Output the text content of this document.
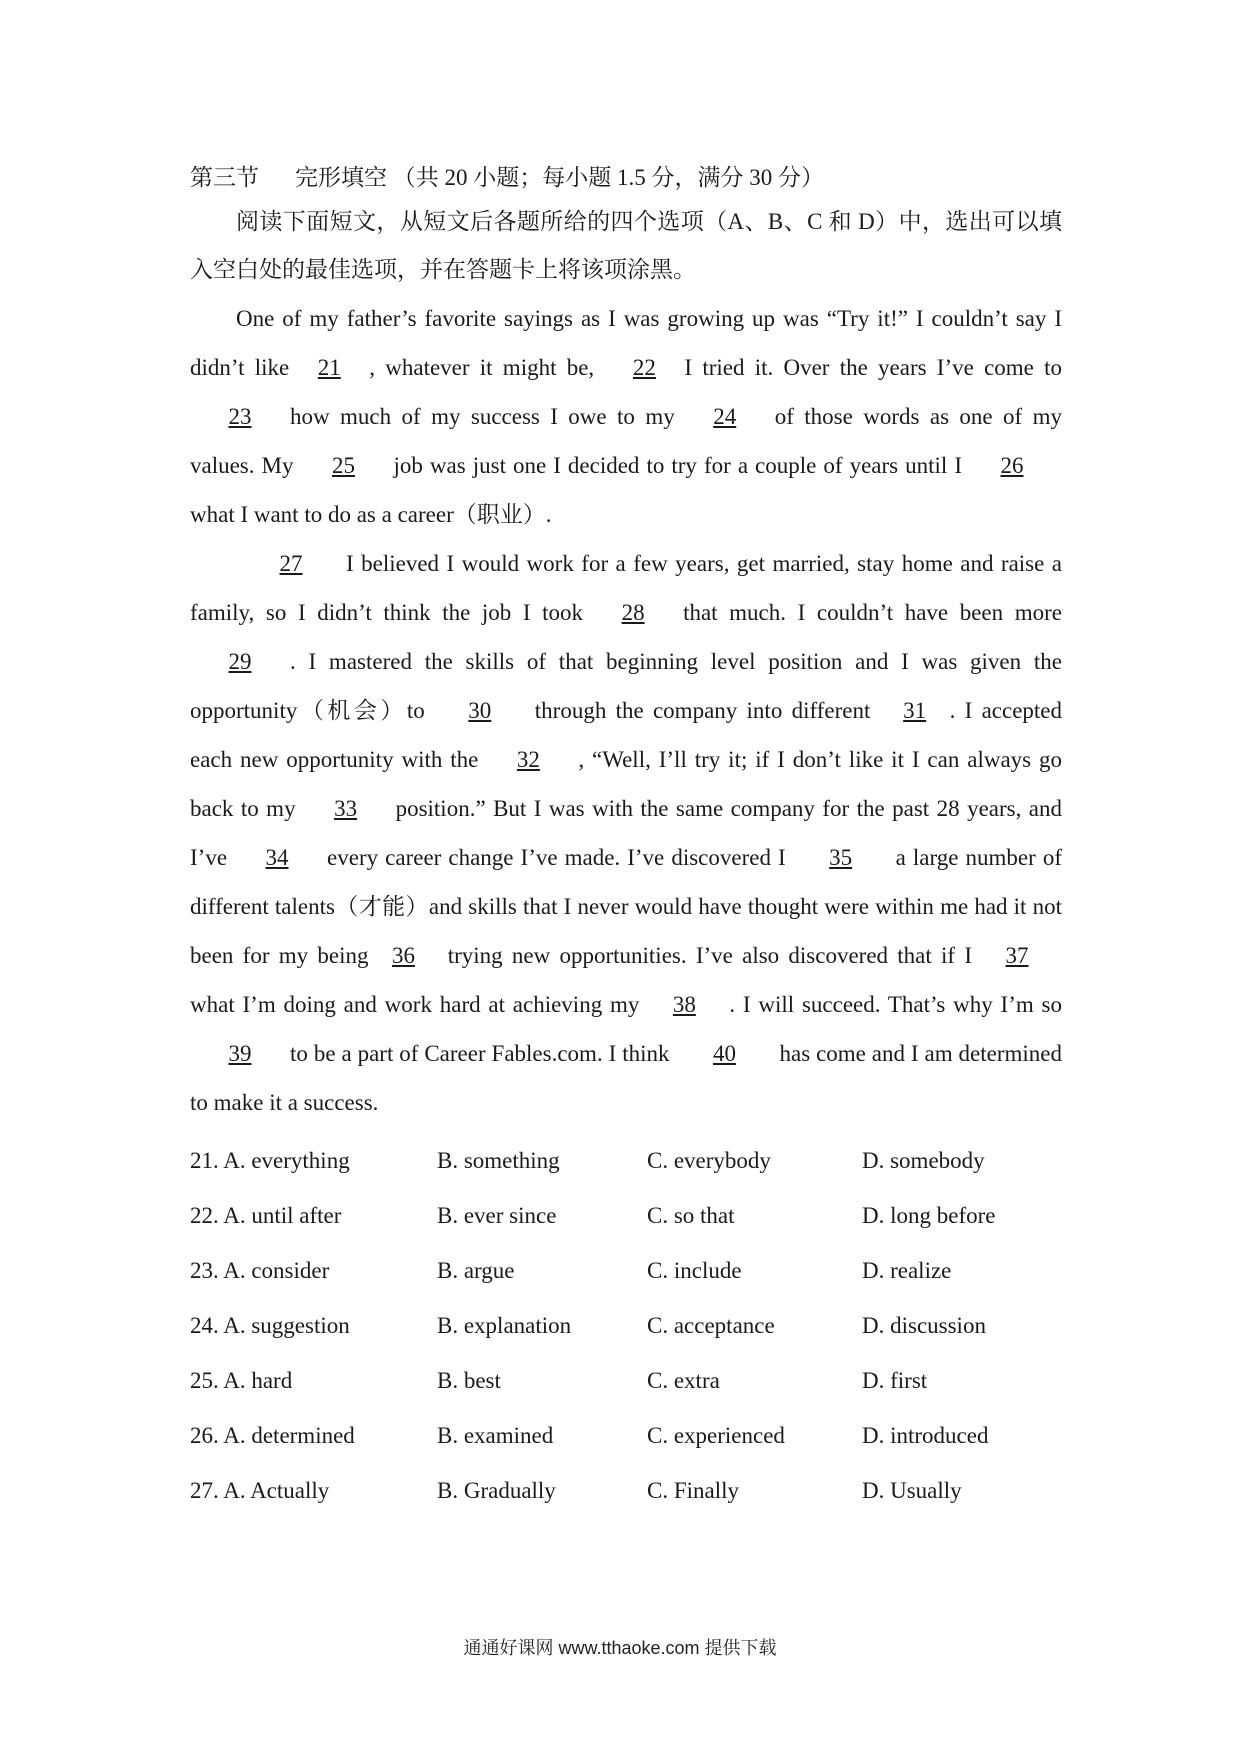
第三节 完形填空 （共 20 小题；每小题 1.5 分，满分 30 分）

阅读下面短文，从短文后各题所给的四个选项（A、B、C 和 D）中，选出可以填入空白处的最佳选项，并在答题卡上将该项涂黑。

One of my father’s favorite sayings as I was growing up was “Try it!” I couldn’t say I didn’t like 21 , whatever it might be, 22 I tried it. Over the years I’ve come to23 how much of my success I owe to my 24 of those words as one of my values. My 25 job was just one I decided to try for a couple of years until I 26what I want to do as a career（职业）.

27 I believed I would work for a few years, get married, stay home and raise a family, so I didn’t think the job I took 28 that much. I couldn’t have been more29 . I mastered the skills of that beginning level position and I was given the opportunity（机会）to 30 through the company into different 31 . I accepted each new opportunity with the 32 , “Well, I’ll try it; if I don’t like it I can always go back to my 33 position.” But I was with the same company for the past 28 years, and I’ve 34 every career change I’ve made. I’ve discovered I 35 a large number of different talents（才能）and skills that I never would have thought were within me had it not been for my being 36 trying new opportunities. I’ve also discovered that if I 37what I’m doing and work hard at achieving my 38 . I will succeed. That’s why I’m so39 to be a part of Career Fables.com. I think 40 has come and I am determined to make it a success.

21. A. everything	B. something	C. everybody	D. somebody
22. A. until after	B. ever since	C. so that	D. long before
23. A. consider	B. argue	C. include	D. realize
24. A. suggestion	B. explanation	C. acceptance	D. discussion
25. A. hard	B. best	C. extra	D. first
26. A. determined	B. examined	C. experienced	D. introduced
27. A. Actually	B. Gradually	C. Finally	D. Usually
通通好课网 www.tthaoke.com 提供下载
